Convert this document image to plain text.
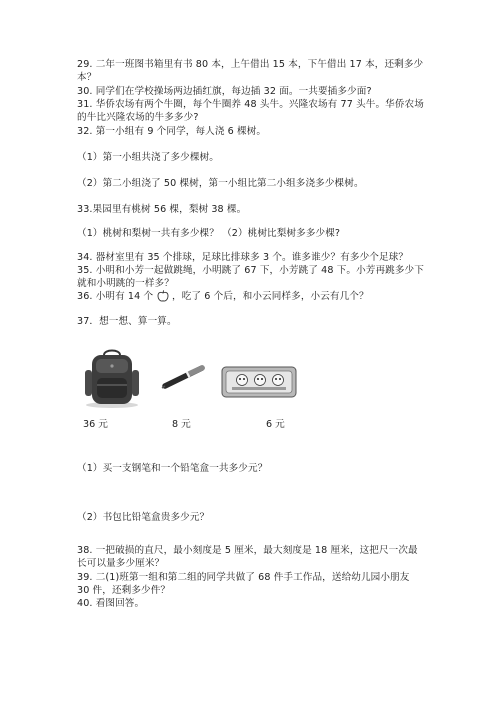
29. 二年一班图书箱里有书 80 本，上午借出 15 本，下午借出 17 本，还剩多少
本？
30. 同学们在学校操场两边插红旗，每边插 32 面。一共要插多少面?
31. 华侨农场有两个牛圈，每个牛圈养 48 头牛。兴隆农场有 77 头牛。华侨农场
的牛比兴隆农场的牛多多少?
32. 第一小组有 9 个同学，每人浇 6 棵树。
（1）第一小组共浇了多少棵树。
（2）第二小组浇了 50 棵树，第一小组比第二小组多浇多少棵树。
33.果园里有桃树 56 棵，梨树 38 棵。
（1）桃树和梨树一共有多少棵？ （2）桃树比梨树多多少棵?
34. 器材室里有 35 个排球，足球比排球多 3 个。谁多谁少？有多少个足球？
35. 小明和小芳一起做跳绳，小明跳了 67 下，小芳跳了 48 下。小芳再跳多少下
就和小明跳的一样多？
36. 小明有 14 个 ，吃了 6 个后，和小云同样多，小云有几个？
37．想一想、算一算。
36 元	8 元	6 元
（1）买一支钢笔和一个铅笔盒一共多少元？
（2）书包比铅笔盒贵多少元？
38. 一把破损的直尺，最小刻度是 5 厘米，最大刻度是 18 厘米，这把尺一次最
长可以量多少厘米？
39. 二(1)班第一组和第二组的同学共做了 68 件手工作品，送给幼儿园小朋友
30 件，还剩多少件？
40. 看图回答。
